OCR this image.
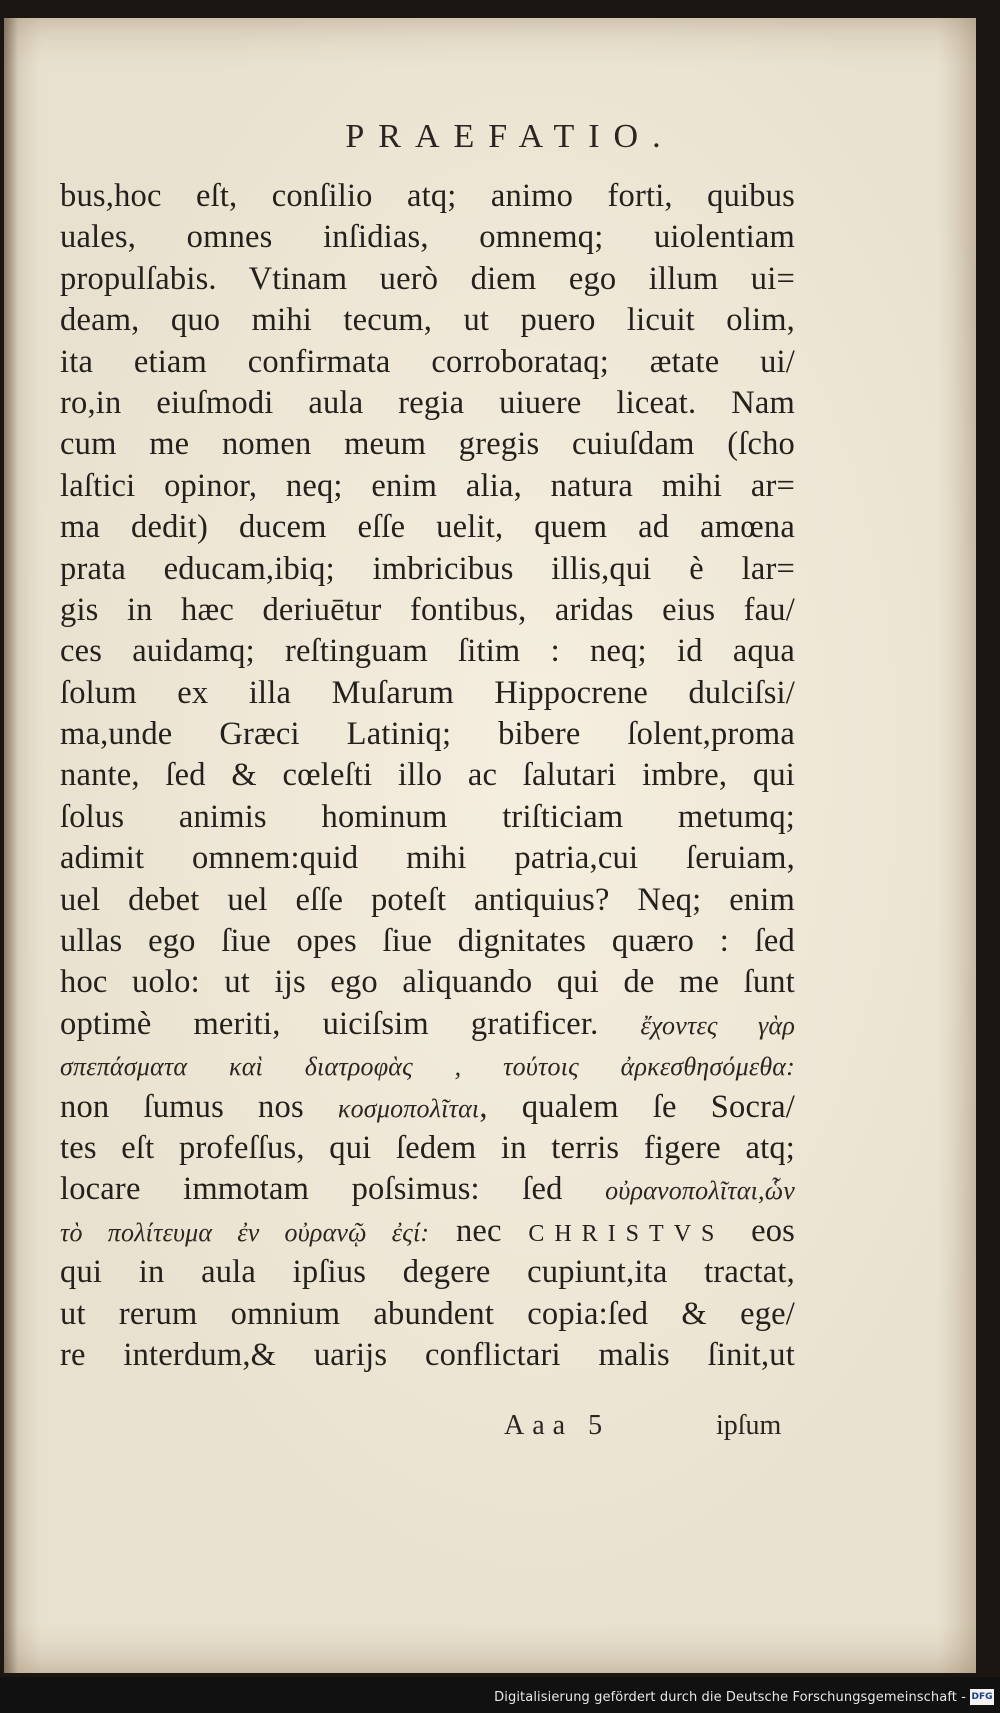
PRAEFATIO.
bus,hoc eſt, conſilio atq; animo forti, quibus
uales, omnes inſidias, omnemq; uiolentiam
propulſabis. Vtinam uerò diem ego illum ui=
deam, quo mihi tecum, ut puero licuit olim,
ita etiam confirmata corroborataq; ætate ui/
ro,in eiuſmodi aula regia uiuere liceat. Nam
cum me nomen meum gregis cuiuſdam (ſcho
laſtici opinor, neq; enim alia, natura mihi ar=
ma dedit) ducem eſſe uelit, quem ad amœna
prata educam,ibiq; imbricibus illis,qui è lar=
gis in hæc deriuētur fontibus, aridas eius fau/
ces auidamq; reſtinguam ſitim : neq; id aqua
ſolum ex illa Muſarum Hippocrene dulciſsi/
ma,unde Græci Latiniq; bibere ſolent,proma
nante, ſed & cœleſti illo ac ſalutari imbre, qui
ſolus animis hominum triſticiam metumq;
adimit omnem:quid mihi patria,cui ſeruiam,
uel debet uel eſſe poteſt antiquius? Neq; enim
ullas ego ſiue opes ſiue dignitates quæro : ſed
hoc uolo: ut ijs ego aliquando qui de me ſunt
optimè meriti, uiciſsim gratificer. ἔχοντες γὰρ
σπεπάσματα καὶ διατροφὰς , τούτοις ἀρκεσθησόμεθα:
non ſumus nos κοσμοπολῖται, qualem ſe Socra/
tes eſt profeſſus, qui ſedem in terris figere atq;
locare immotam poſsimus: ſed οὐρανοπολῖται,ὧν
τὸ πολίτευμα ἐν οὐρανῷ ἐςί: nec CHRISTVS eos
qui in aula ipſius degere cupiunt,ita tractat,
ut rerum omnium abundent copia:ſed & ege/
re interdum,& uarijs conflictari malis ſinit,ut
Aaa 5	ipſum
Digitalisierung gefördert durch die Deutsche Forschungsgemeinschaft - DFG
